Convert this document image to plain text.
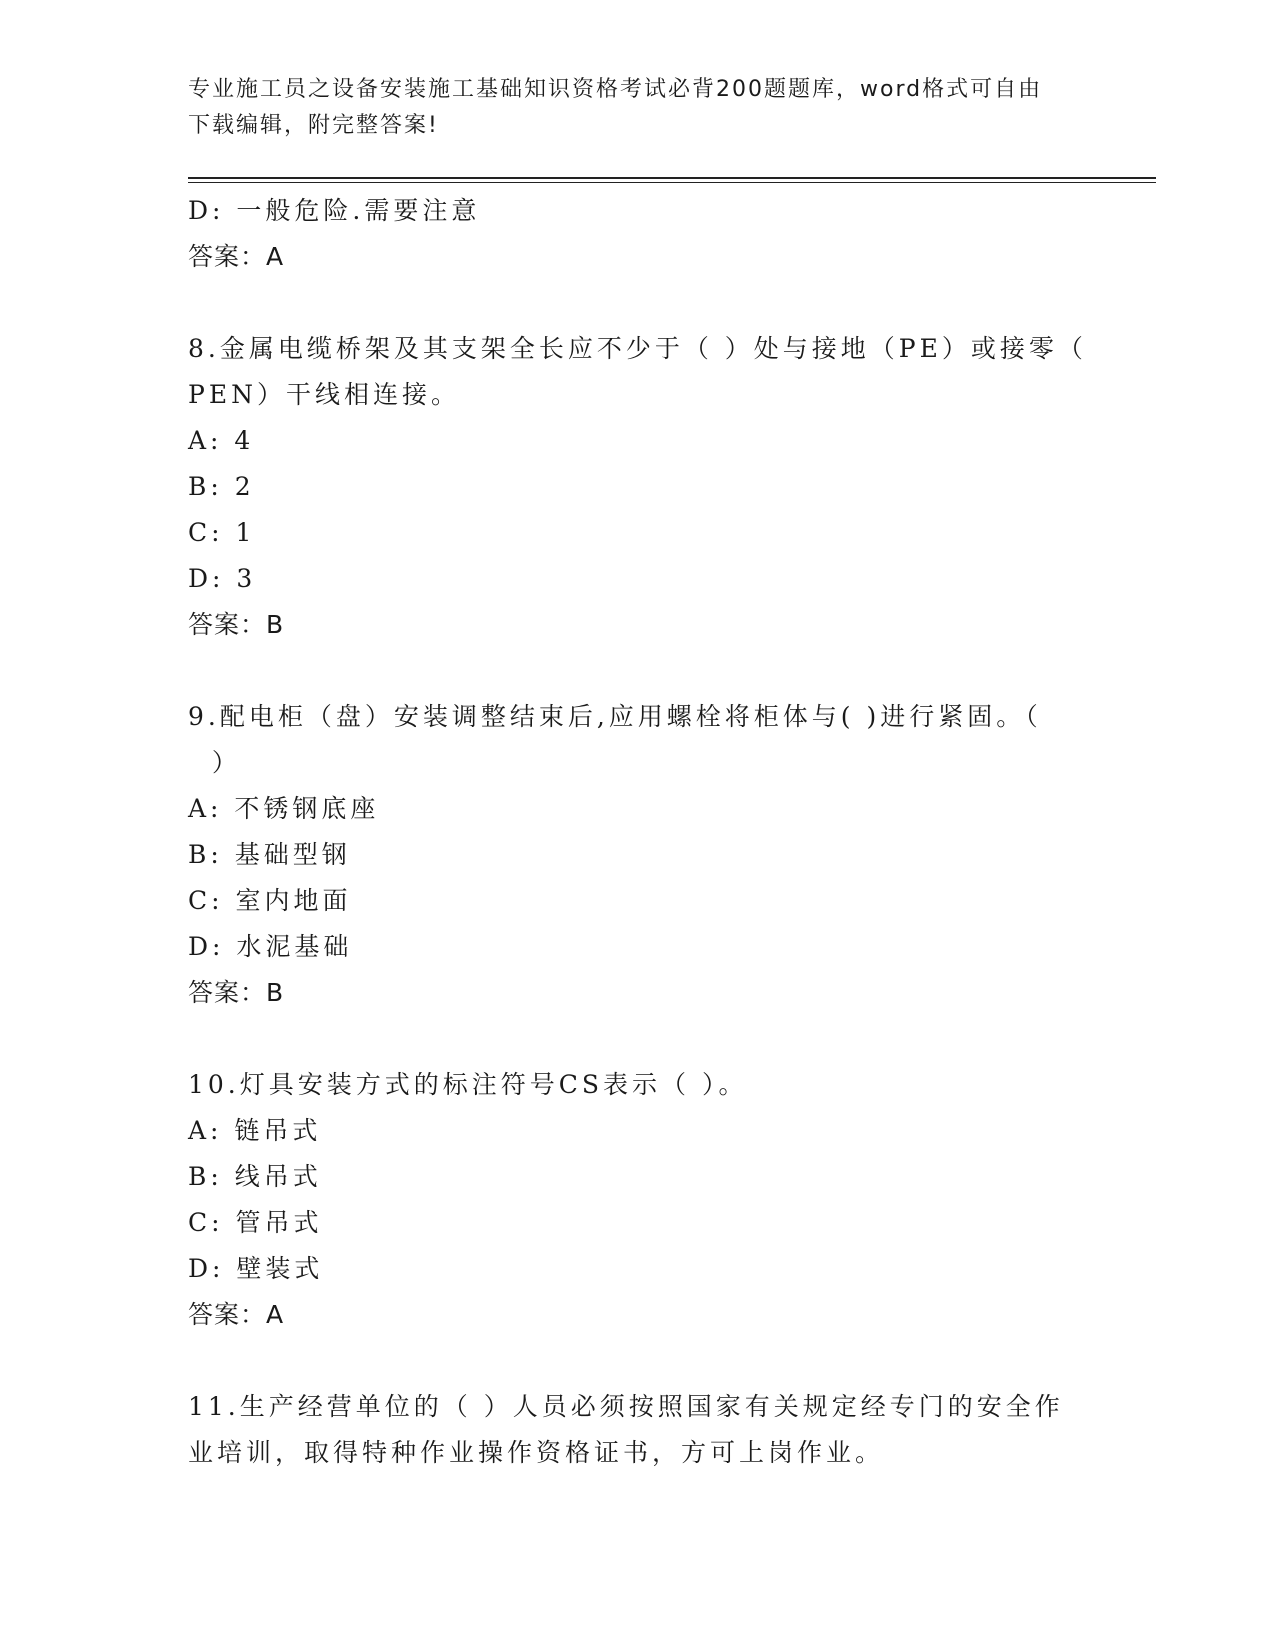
专业施工员之设备安装施工基础知识资格考试必背200题题库，word格式可自由
下载编辑，附完整答案!
D: 一般危险.需要注意
答案：A
8.金属电缆桥架及其支架全长应不少于（ ）处与接地（PE）或接零（
PEN）干线相连接。
A: 4
B: 2
C: 1
D: 3
答案：B
9.配电柜（盘）安装调整结束后,应用螺栓将柜体与( )进行紧固。（
）
A: 不锈钢底座
B: 基础型钢
C: 室内地面
D: 水泥基础
答案：B
10.灯具安装方式的标注符号CS表示（ ）。
A: 链吊式
B: 线吊式
C: 管吊式
D: 壁装式
答案：A
11.生产经营单位的（ ）人员必须按照国家有关规定经专门的安全作
业培训，取得特种作业操作资格证书，方可上岗作业。
